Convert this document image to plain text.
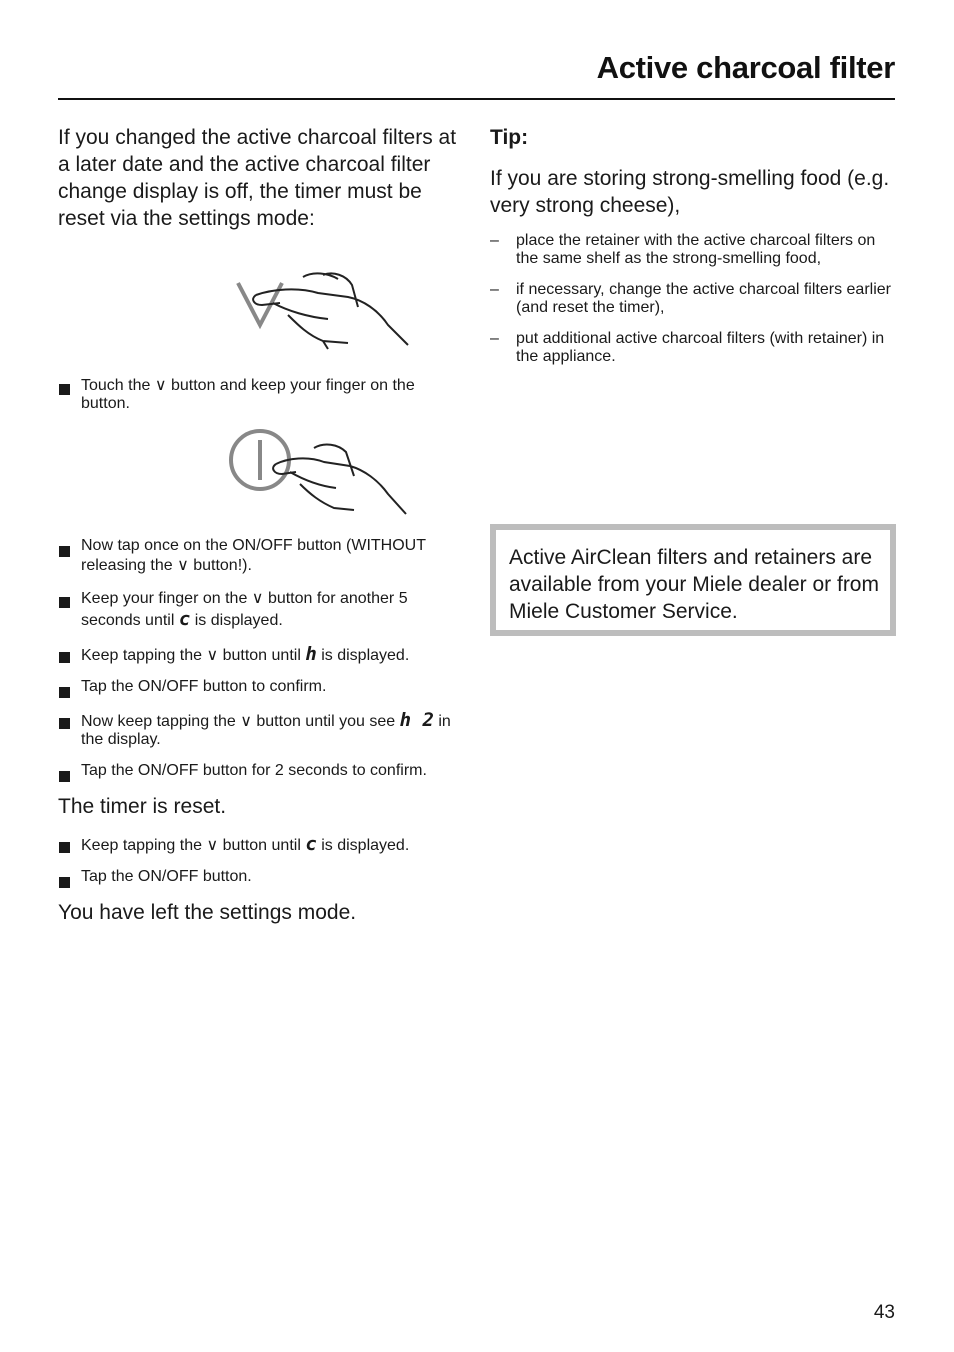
Active charcoal filter

If you changed the active charcoal filters at a later date and the active charcoal filter change display is off, the timer must be reset via the settings mode:

Touch the ∨ button and keep your finger on the button.
Now tap once on the ON/OFF button (WITHOUT releasing the ∨ button!).
Keep your finger on the ∨ button for another 5 seconds until c is displayed.
Keep tapping the ∨ button until h is displayed.
Tap the ON/OFF button to confirm.
Now keep tapping the ∨ button until you see h 2 in the display.
Tap the ON/OFF button for 2 seconds to confirm.

The timer is reset.

Keep tapping the ∨ button until c is displayed.
Tap the ON/OFF button.

You have left the settings mode.

Tip:

If you are storing strong-smelling food (e.g. very strong cheese),

– place the retainer with the active charcoal filters on the same shelf as the strong-smelling food,
– if necessary, change the active charcoal filters earlier (and reset the timer),
– put additional active charcoal filters (with retainer) in the appliance.

Active AirClean filters and retainers are available from your Miele dealer or from Miele Customer Service.

43
